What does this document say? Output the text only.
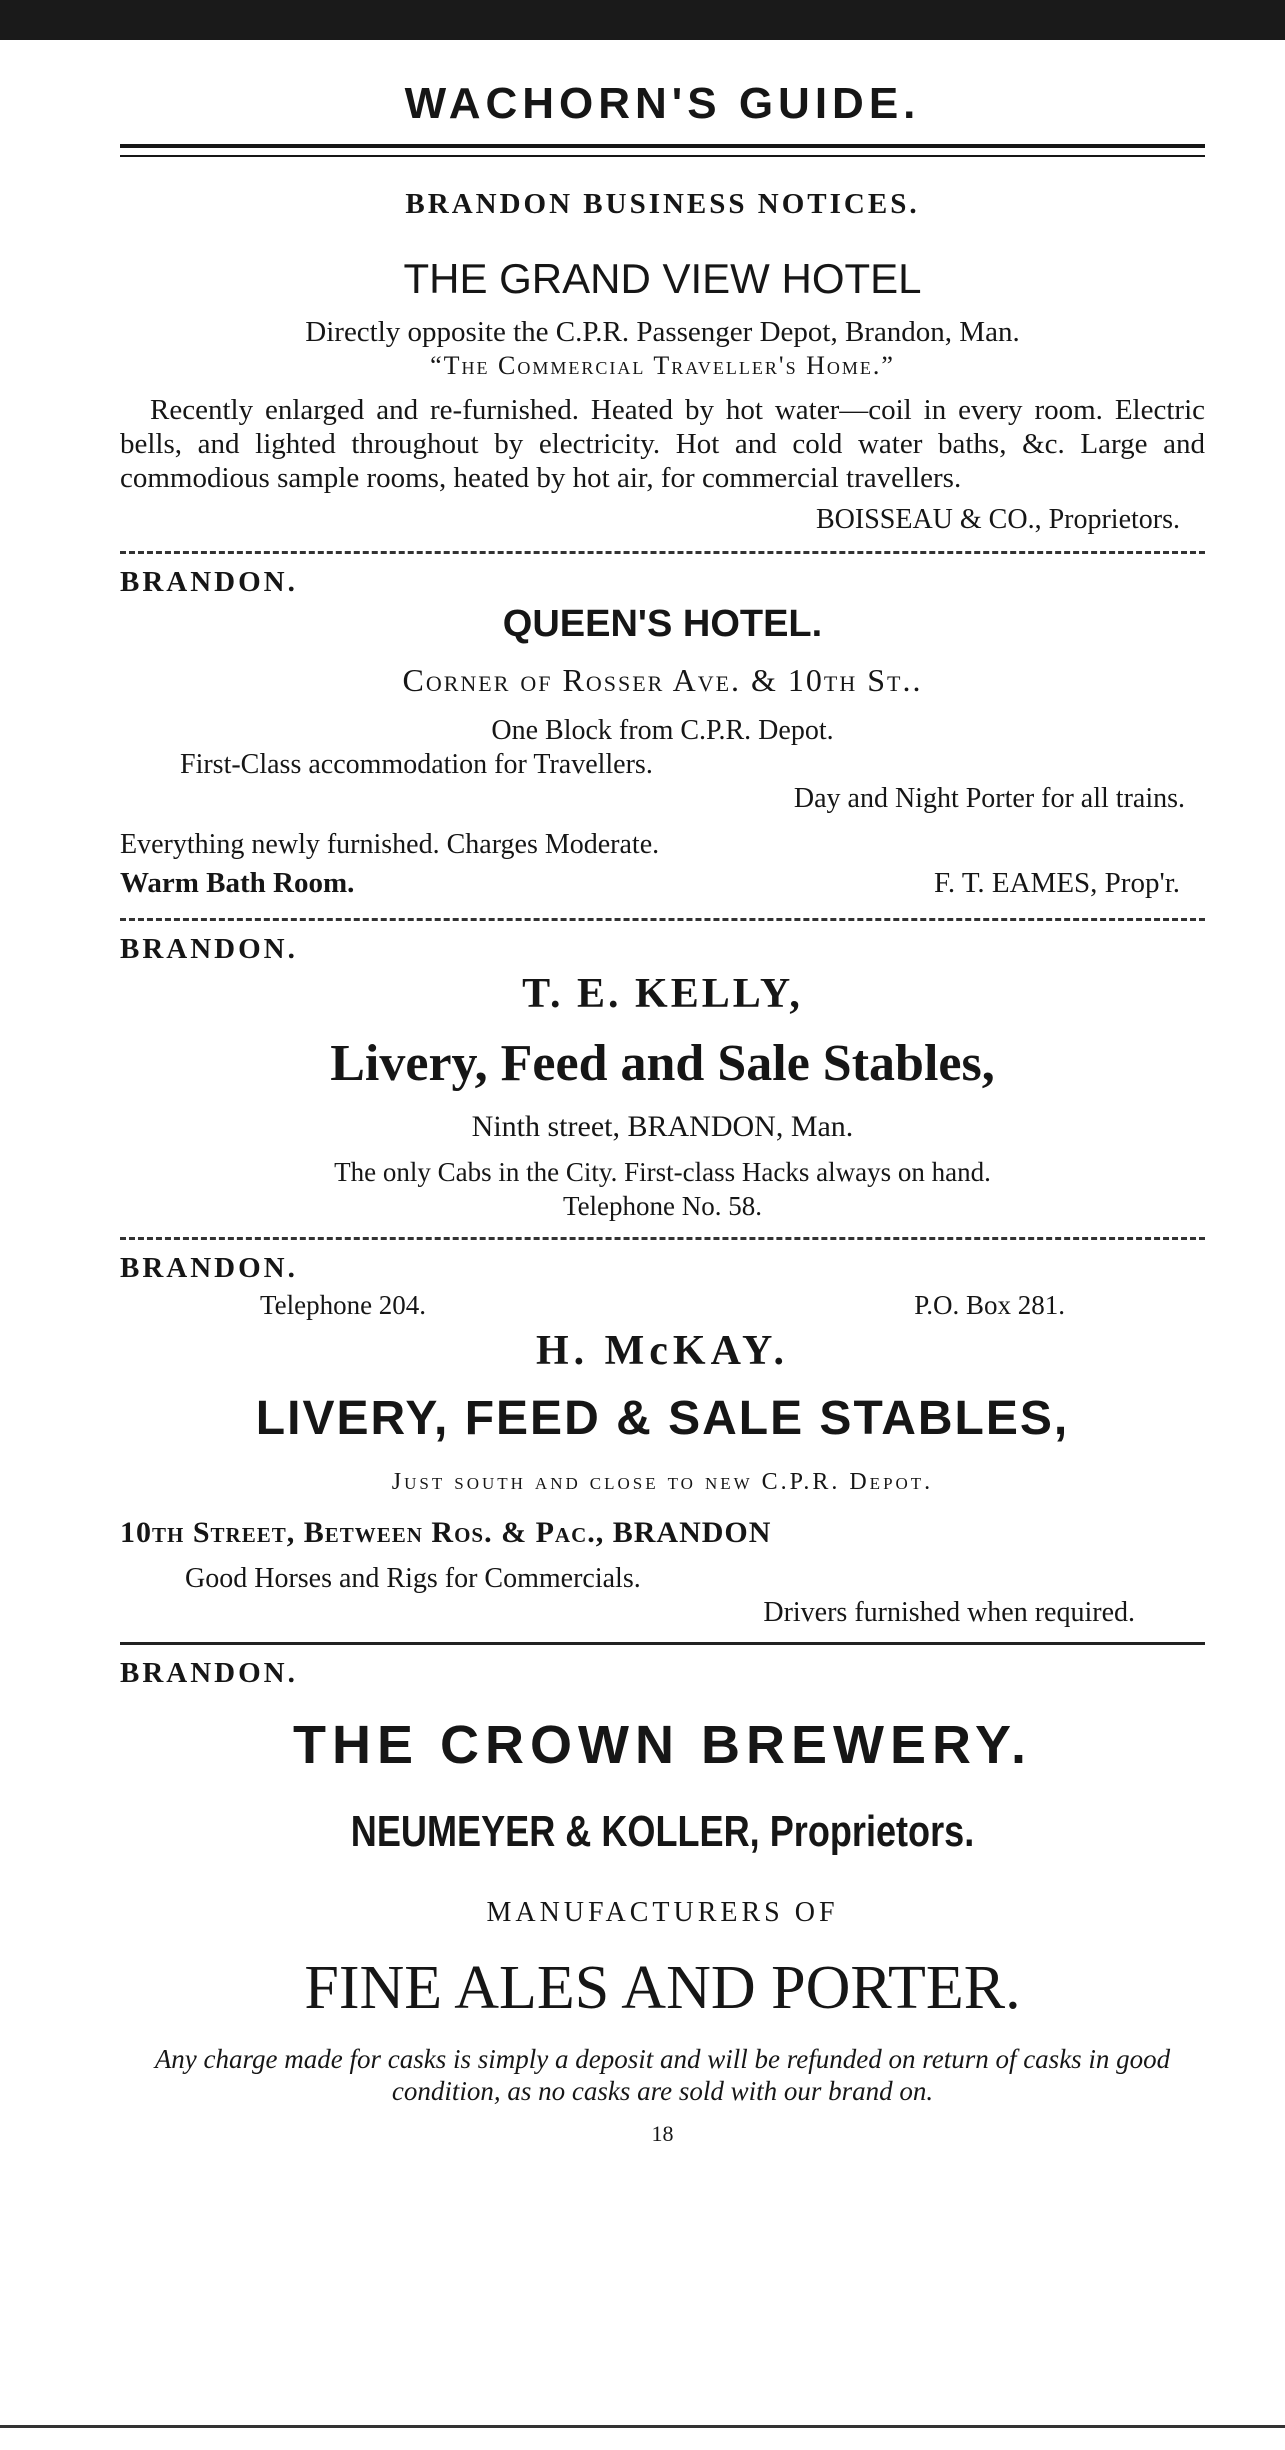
WACHORN'S GUIDE.
BRANDON BUSINESS NOTICES.
THE GRAND VIEW HOTEL
Directly opposite the C.P.R. Passenger Depot, Brandon, Man.
“The Commercial Traveller's Home.”
Recently enlarged and re-furnished. Heated by hot water—coil in every room. Electric bells, and lighted throughout by electricity. Hot and cold water baths, &c. Large and commodious sample rooms, heated by hot air, for commercial travellers.
BOISSEAU & CO., Proprietors.
BRANDON.
QUEEN'S HOTEL.
Corner of Rosser Ave. & 10th St..
One Block from C.P.R. Depot.
First-Class accommodation for Travellers.
Day and Night Porter for all trains.
Everything newly furnished. Charges Moderate.
Warm Bath Room.	F. T. EAMES, Prop'r.
BRANDON.
T. E. KELLY,
Livery, Feed and Sale Stables,
Ninth street, BRANDON, Man.
The only Cabs in the City. First-class Hacks always on hand.
Telephone No. 58.
BRANDON.
Telephone 204.	P.O. Box 281.
H. McKAY.
LIVERY, FEED & SALE STABLES,
Just south and close to new C.P.R. Depot.
10th Street, Between Ros. & Pac., BRANDON
Good Horses and Rigs for Commercials.
Drivers furnished when required.
BRANDON.
THE CROWN BREWERY.
NEUMEYER & KOLLER, Proprietors.
MANUFACTURERS OF
FINE ALES AND PORTER.
Any charge made for casks is simply a deposit and will be refunded on return of casks in good condition, as no casks are sold with our brand on.
18
